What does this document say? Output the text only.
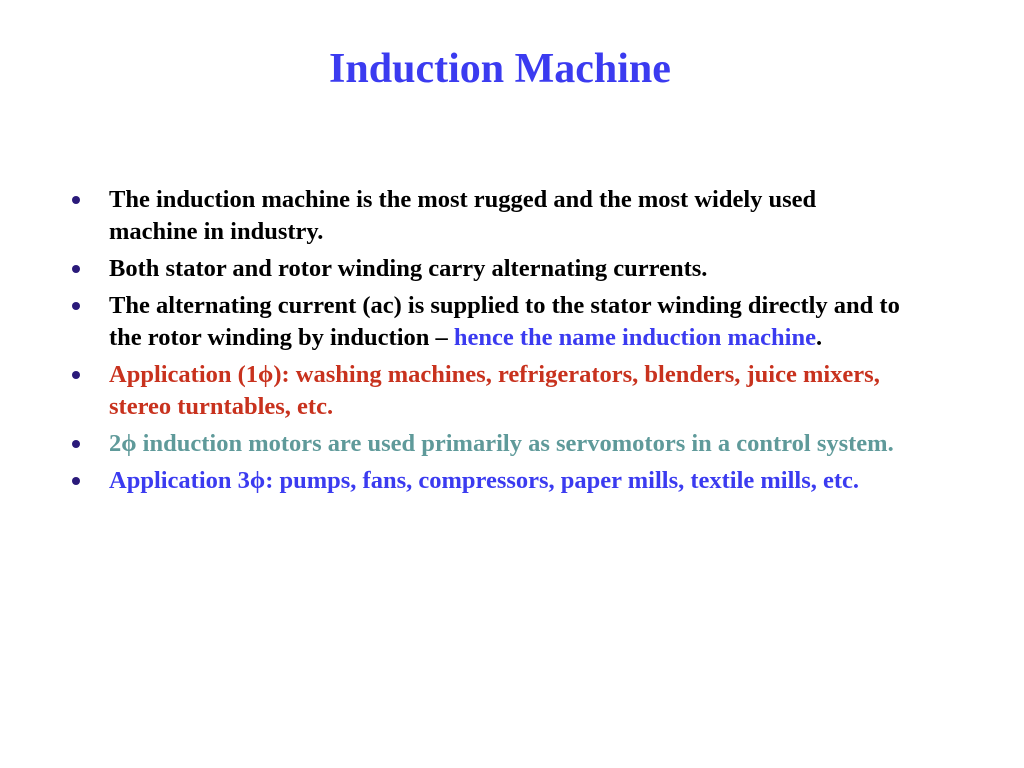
Induction Machine
The induction machine is the most rugged and the most widely used machine in industry.
Both stator and rotor winding carry alternating currents.
The alternating current (ac) is supplied to the stator winding directly and to the rotor winding by induction – hence the name induction machine.
Application (1ϕ): washing machines, refrigerators, blenders, juice mixers, stereo turntables, etc.
2ϕ induction motors are used primarily as servomotors in a control system.
Application 3ϕ: pumps, fans, compressors, paper mills, textile mills, etc.
